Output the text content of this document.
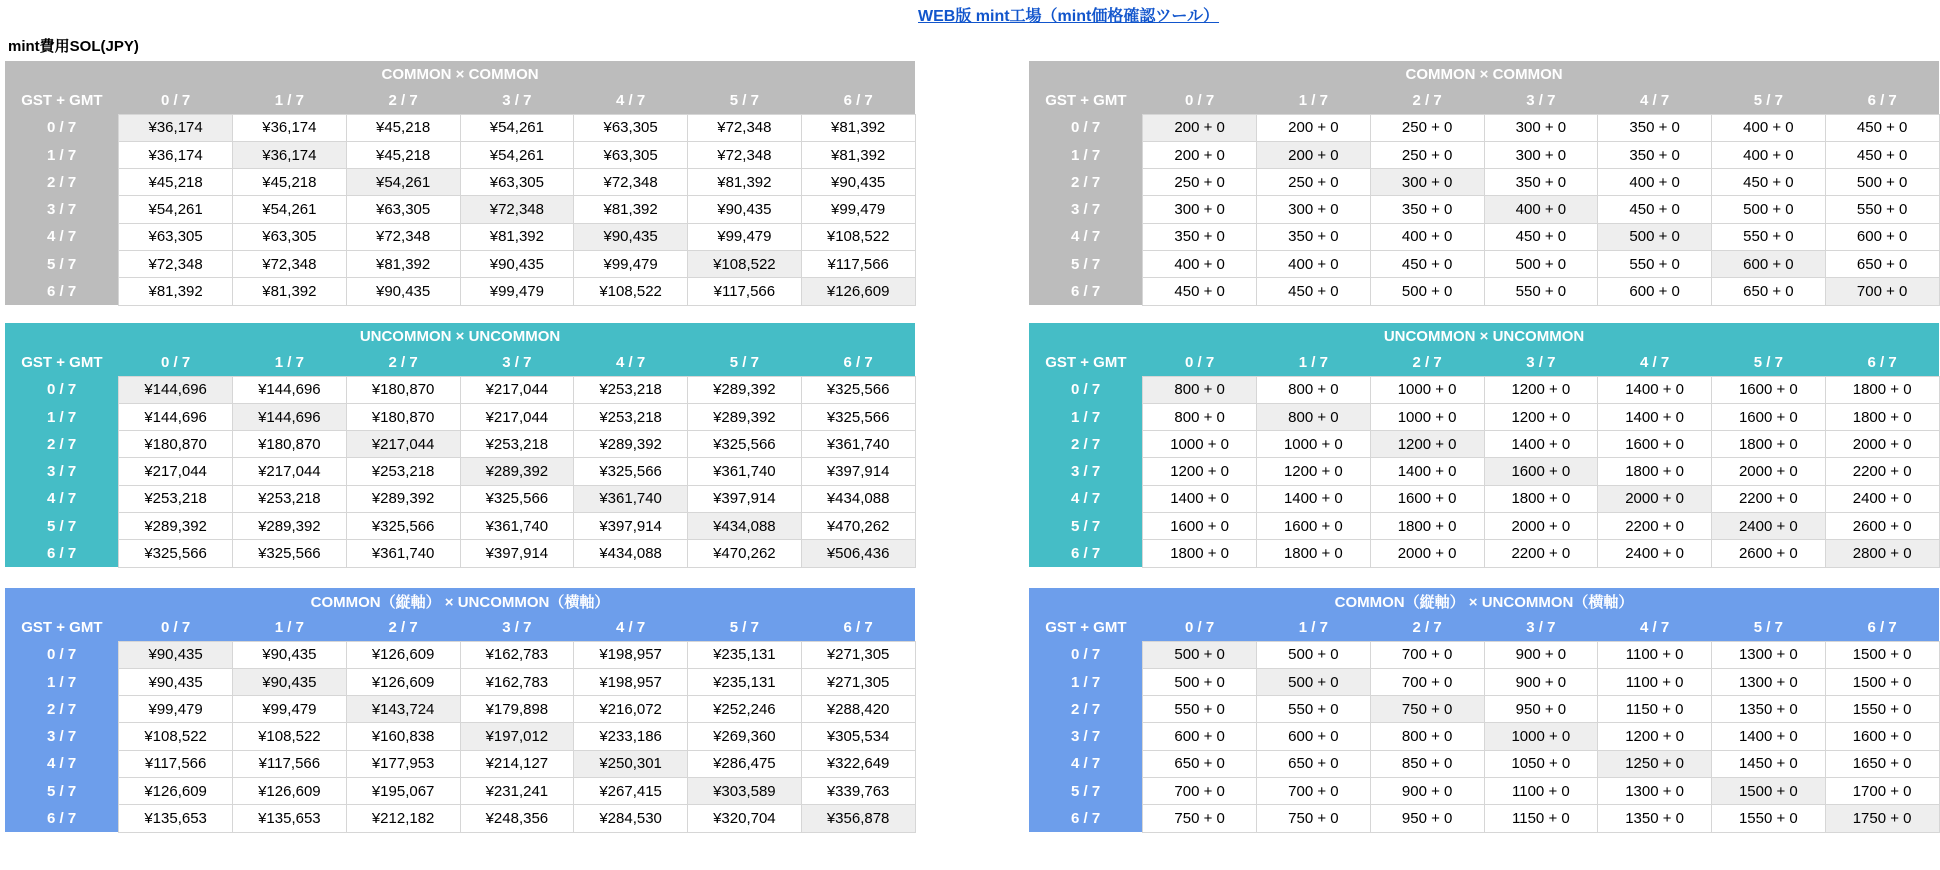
WEB版 mint工場（mint価格確認ツール）
mint費用SOL(JPY)
COMMON × COMMON							
GST + GMT	0 / 7	1 / 7	2 / 7	3 / 7	4 / 7	5 / 7	6 / 7
0 / 7	¥36,174	¥36,174	¥45,218	¥54,261	¥63,305	¥72,348	¥81,392
1 / 7	¥36,174	¥36,174	¥45,218	¥54,261	¥63,305	¥72,348	¥81,392
2 / 7	¥45,218	¥45,218	¥54,261	¥63,305	¥72,348	¥81,392	¥90,435
3 / 7	¥54,261	¥54,261	¥63,305	¥72,348	¥81,392	¥90,435	¥99,479
4 / 7	¥63,305	¥63,305	¥72,348	¥81,392	¥90,435	¥99,479	¥108,522
5 / 7	¥72,348	¥72,348	¥81,392	¥90,435	¥99,479	¥108,522	¥117,566
6 / 7	¥81,392	¥81,392	¥90,435	¥99,479	¥108,522	¥117,566	¥126,609
UNCOMMON × UNCOMMON							
GST + GMT	0 / 7	1 / 7	2 / 7	3 / 7	4 / 7	5 / 7	6 / 7
0 / 7	¥144,696	¥144,696	¥180,870	¥217,044	¥253,218	¥289,392	¥325,566
1 / 7	¥144,696	¥144,696	¥180,870	¥217,044	¥253,218	¥289,392	¥325,566
2 / 7	¥180,870	¥180,870	¥217,044	¥253,218	¥289,392	¥325,566	¥361,740
3 / 7	¥217,044	¥217,044	¥253,218	¥289,392	¥325,566	¥361,740	¥397,914
4 / 7	¥253,218	¥253,218	¥289,392	¥325,566	¥361,740	¥397,914	¥434,088
5 / 7	¥289,392	¥289,392	¥325,566	¥361,740	¥397,914	¥434,088	¥470,262
6 / 7	¥325,566	¥325,566	¥361,740	¥397,914	¥434,088	¥470,262	¥506,436
COMMON（縦軸） × UNCOMMON（横軸）							
GST + GMT	0 / 7	1 / 7	2 / 7	3 / 7	4 / 7	5 / 7	6 / 7
0 / 7	¥90,435	¥90,435	¥126,609	¥162,783	¥198,957	¥235,131	¥271,305
1 / 7	¥90,435	¥90,435	¥126,609	¥162,783	¥198,957	¥235,131	¥271,305
2 / 7	¥99,479	¥99,479	¥143,724	¥179,898	¥216,072	¥252,246	¥288,420
3 / 7	¥108,522	¥108,522	¥160,838	¥197,012	¥233,186	¥269,360	¥305,534
4 / 7	¥117,566	¥117,566	¥177,953	¥214,127	¥250,301	¥286,475	¥322,649
5 / 7	¥126,609	¥126,609	¥195,067	¥231,241	¥267,415	¥303,589	¥339,763
6 / 7	¥135,653	¥135,653	¥212,182	¥248,356	¥284,530	¥320,704	¥356,878
COMMON × COMMON							
GST + GMT	0 / 7	1 / 7	2 / 7	3 / 7	4 / 7	5 / 7	6 / 7
0 / 7	200 + 0	200 + 0	250 + 0	300 + 0	350 + 0	400 + 0	450 + 0
1 / 7	200 + 0	200 + 0	250 + 0	300 + 0	350 + 0	400 + 0	450 + 0
2 / 7	250 + 0	250 + 0	300 + 0	350 + 0	400 + 0	450 + 0	500 + 0
3 / 7	300 + 0	300 + 0	350 + 0	400 + 0	450 + 0	500 + 0	550 + 0
4 / 7	350 + 0	350 + 0	400 + 0	450 + 0	500 + 0	550 + 0	600 + 0
5 / 7	400 + 0	400 + 0	450 + 0	500 + 0	550 + 0	600 + 0	650 + 0
6 / 7	450 + 0	450 + 0	500 + 0	550 + 0	600 + 0	650 + 0	700 + 0
UNCOMMON × UNCOMMON							
GST + GMT	0 / 7	1 / 7	2 / 7	3 / 7	4 / 7	5 / 7	6 / 7
0 / 7	800 + 0	800 + 0	1000 + 0	1200 + 0	1400 + 0	1600 + 0	1800 + 0
1 / 7	800 + 0	800 + 0	1000 + 0	1200 + 0	1400 + 0	1600 + 0	1800 + 0
2 / 7	1000 + 0	1000 + 0	1200 + 0	1400 + 0	1600 + 0	1800 + 0	2000 + 0
3 / 7	1200 + 0	1200 + 0	1400 + 0	1600 + 0	1800 + 0	2000 + 0	2200 + 0
4 / 7	1400 + 0	1400 + 0	1600 + 0	1800 + 0	2000 + 0	2200 + 0	2400 + 0
5 / 7	1600 + 0	1600 + 0	1800 + 0	2000 + 0	2200 + 0	2400 + 0	2600 + 0
6 / 7	1800 + 0	1800 + 0	2000 + 0	2200 + 0	2400 + 0	2600 + 0	2800 + 0
COMMON（縦軸） × UNCOMMON（横軸）							
GST + GMT	0 / 7	1 / 7	2 / 7	3 / 7	4 / 7	5 / 7	6 / 7
0 / 7	500 + 0	500 + 0	700 + 0	900 + 0	1100 + 0	1300 + 0	1500 + 0
1 / 7	500 + 0	500 + 0	700 + 0	900 + 0	1100 + 0	1300 + 0	1500 + 0
2 / 7	550 + 0	550 + 0	750 + 0	950 + 0	1150 + 0	1350 + 0	1550 + 0
3 / 7	600 + 0	600 + 0	800 + 0	1000 + 0	1200 + 0	1400 + 0	1600 + 0
4 / 7	650 + 0	650 + 0	850 + 0	1050 + 0	1250 + 0	1450 + 0	1650 + 0
5 / 7	700 + 0	700 + 0	900 + 0	1100 + 0	1300 + 0	1500 + 0	1700 + 0
6 / 7	750 + 0	750 + 0	950 + 0	1150 + 0	1350 + 0	1550 + 0	1750 + 0
